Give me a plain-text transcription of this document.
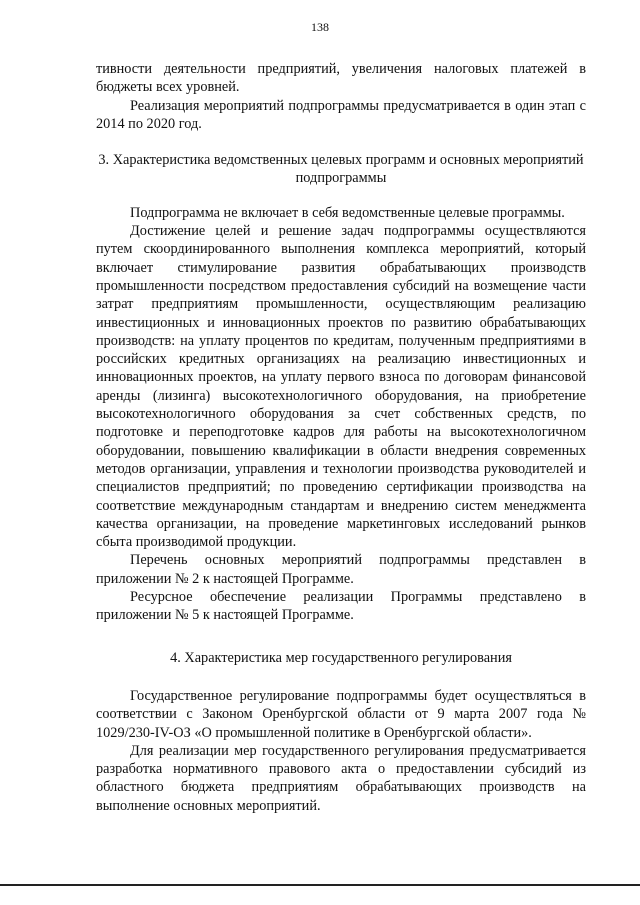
138

тивности деятельности предприятий, увеличения налоговых платежей в бюджеты всех уровней.

Реализация мероприятий подпрограммы предусматривается в один этап с 2014 по 2020 год.

3. Характеристика ведомственных целевых программ и основных мероприятий подпрограммы

Подпрограмма не включает в себя ведомственные целевые программы.

Достижение целей и решение задач подпрограммы осуществляются путем скоординированного выполнения комплекса мероприятий, который включает стимулирование развития обрабатывающих производств промышленности посредством предоставления субсидий на возмещение части затрат предприятиям промышленности, осуществляющим реализацию инвестиционных и инновационных проектов по развитию обрабатывающих производств: на уплату процентов по кредитам, полученным предприятиями в российских кредитных организациях на реализацию инвестиционных и инновационных проектов, на уплату первого взноса по договорам финансовой аренды (лизинга) высокотехнологичного оборудования, на приобретение высокотехнологичного оборудования за счет собственных средств, по подготовке и переподготовке кадров для работы на высокотехнологичном оборудовании, повышению квалификации в области внедрения современных методов организации, управления и технологии производства руководителей и специалистов предприятий; по проведению сертификации производства на соответствие международным стандартам и внедрению систем менеджмента качества организации, на проведение маркетинговых исследований рынков сбыта производимой продукции.

Перечень основных мероприятий подпрограммы представлен в приложении № 2 к настоящей Программе.

Ресурсное обеспечение реализации Программы представлено в приложении № 5 к настоящей Программе.

4. Характеристика мер государственного регулирования

Государственное регулирование подпрограммы будет осуществляться в соответствии с Законом Оренбургской области от 9 марта 2007 года № 1029/230-IV-ОЗ «О промышленной политике в Оренбургской области».

Для реализации мер государственного регулирования предусматривается разработка нормативного правового акта о предоставлении субсидий из областного бюджета предприятиям обрабатывающих производств на выполнение основных мероприятий.
